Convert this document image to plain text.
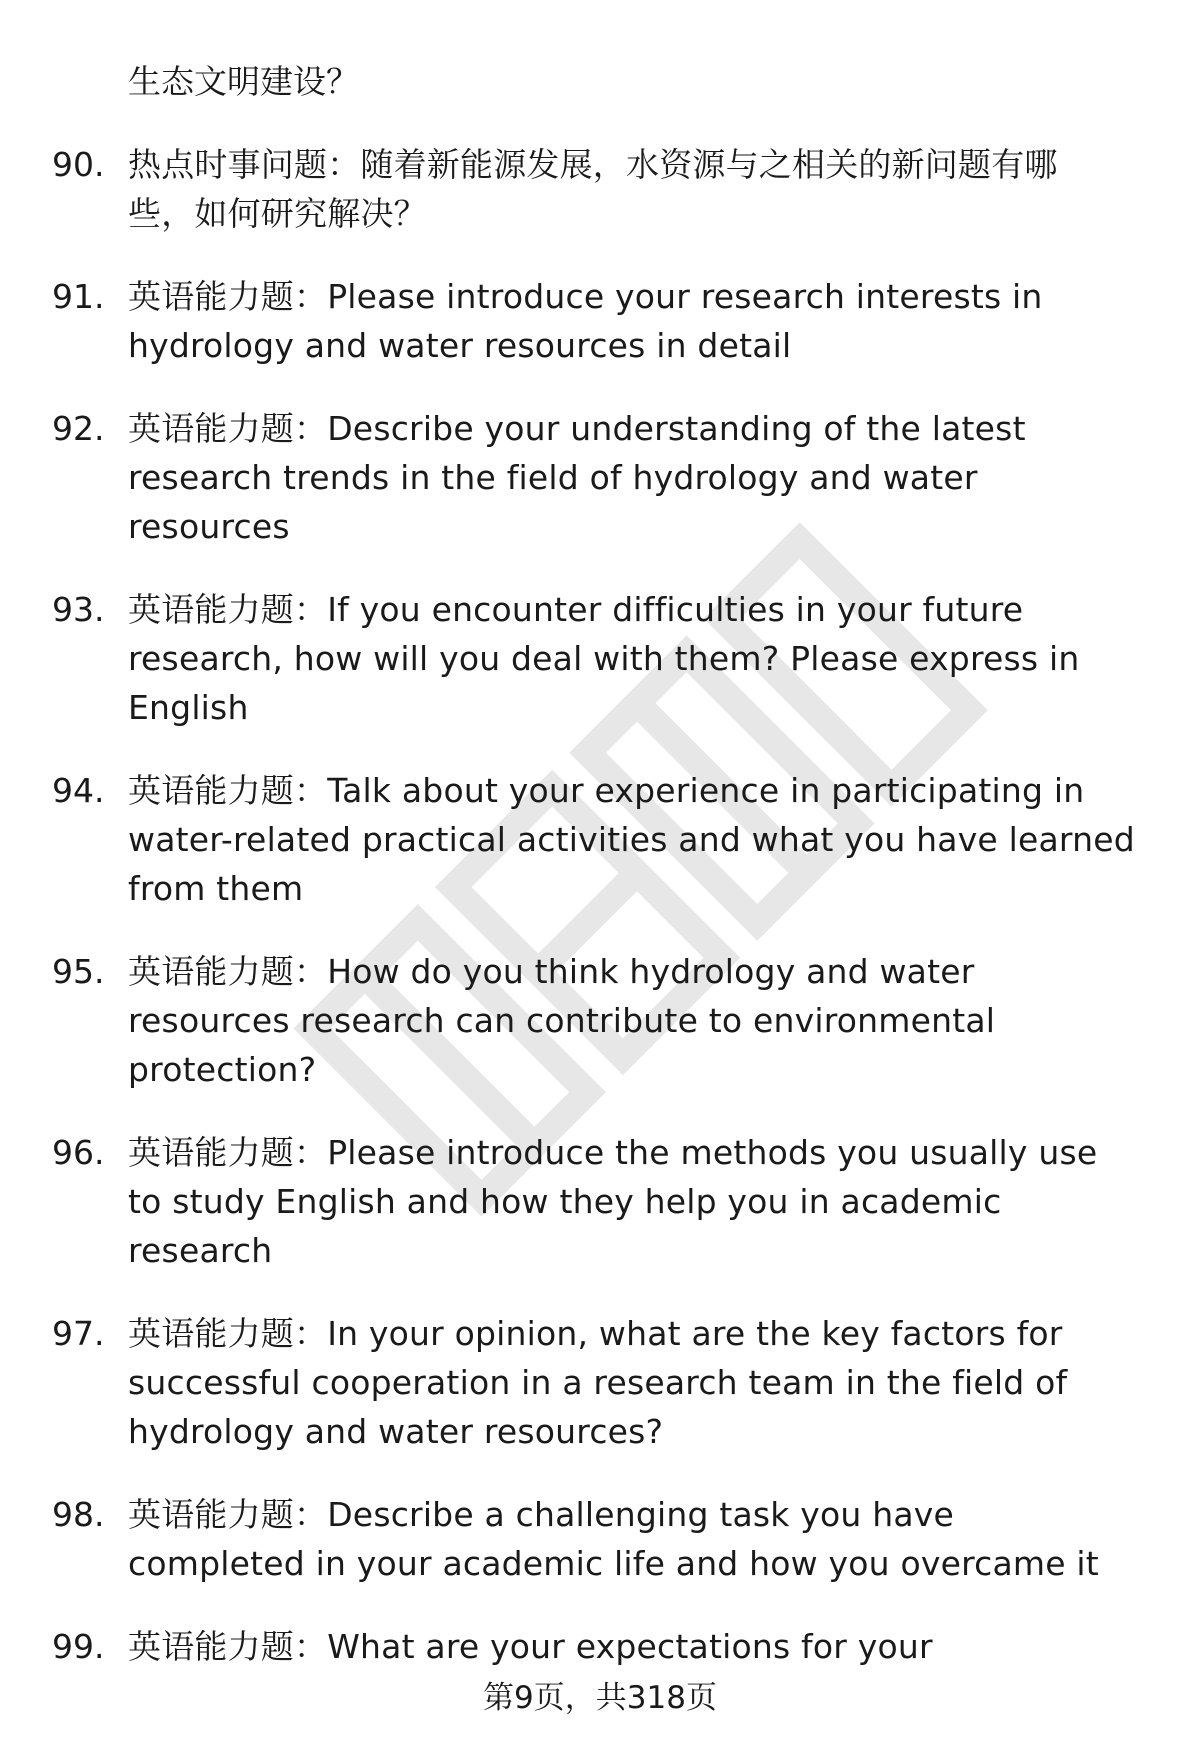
生态文明建设？
90. 热点时事问题：随着新能源发展，水资源与之相关的新问题有哪
些，如何研究解决？
91. 英语能力题：Please introduce your research interests in
hydrology and water resources in detail
92. 英语能力题：Describe your understanding of the latest
research trends in the field of hydrology and water
resources
93. 英语能力题：If you encounter difficulties in your future
research, how will you deal with them? Please express in
English
94. 英语能力题：Talk about your experience in participating in
water-related practical activities and what you have learned
from them
95. 英语能力题：How do you think hydrology and water
resources research can contribute to environmental
protection?
96. 英语能力题：Please introduce the methods you usually use
to study English and how they help you in academic
research
97. 英语能力题：In your opinion, what are the key factors for
successful cooperation in a research team in the field of
hydrology and water resources?
98. 英语能力题：Describe a challenging task you have
completed in your academic life and how you overcame it
99. 英语能力题：What are your expectations for your
第9页，共318页
